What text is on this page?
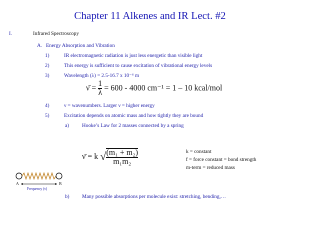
Chapter 11 Alkenes and IR Lect. #2
I.	Infrared Spectroscopy
A. Energy Absorption and Vibration
1)	IR electromagnetic radiation is just less energetic than visible light
2)	This energy is sufficient to cause excitation of vibrational energy levels
3)	Wavelength (λ) = 2.5-16.7 x 10⁻⁶ m
ν̄ = $\frac{1}{\lambda} = 600 - 4000$ cm⁻¹ = 1 – 10 kcal/mol
4)	ν = wavenumbers. Larger ν = higher energy
5)	Excitation depends on atomic mass and how tightly they are bound
a) Hooke’s Law for 2 masses connected by a spring
A	B
Frequency (ν)
ν̄ = k √ $\frac{\text{(m₁ + m₂)}}{\text{m₁m₂}}$	k = constant
f = force constant = bond strength
m-term = reduced mass
b) Many possible absorptions per molecule exist: stretching, bending,…
